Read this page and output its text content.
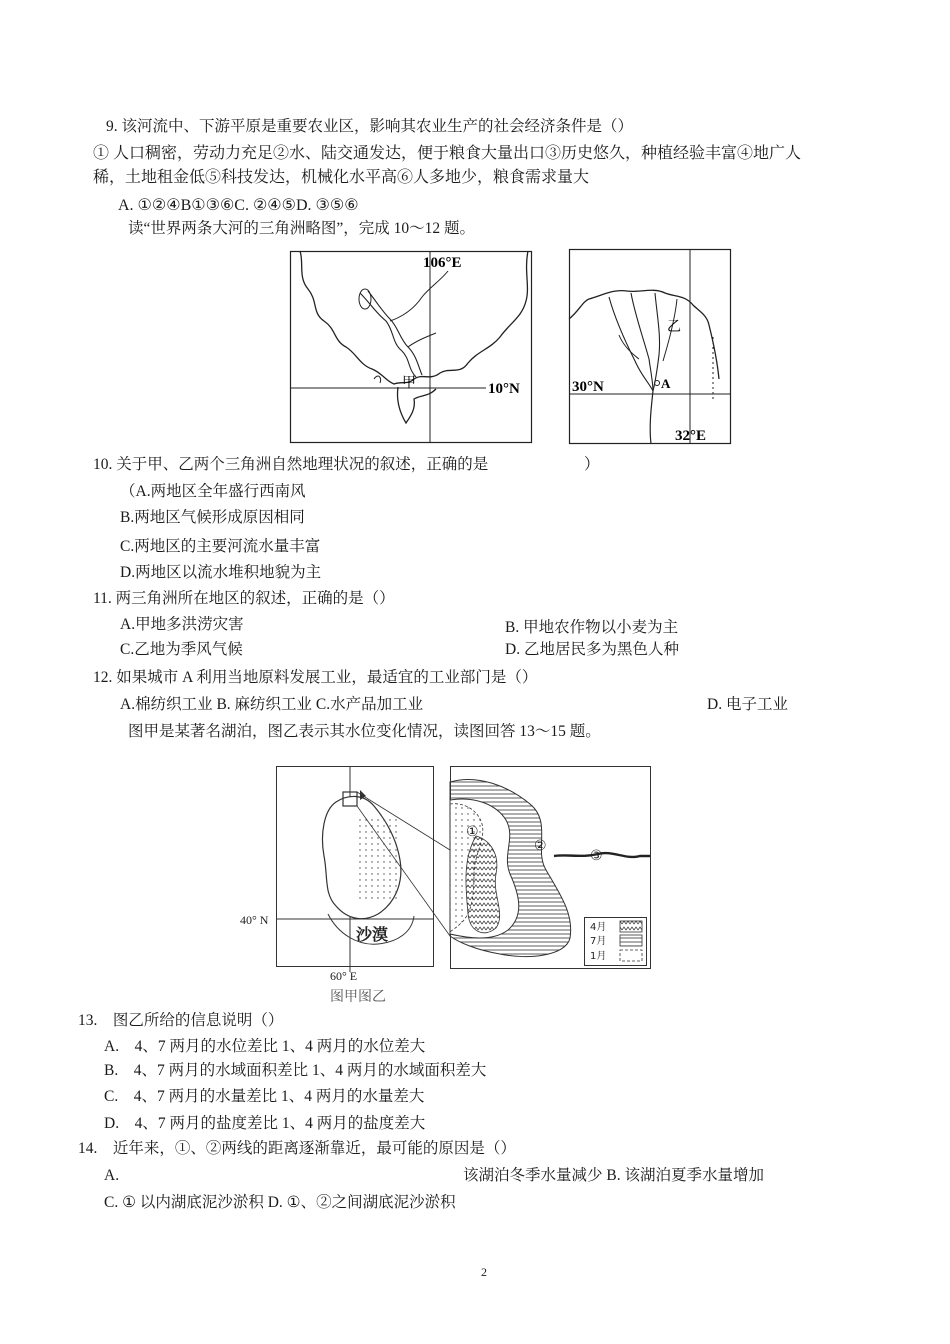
9. 该河流中、下游平原是重要农业区，影响其农业生产的社会经济条件是（）
① 人口稠密，劳动力充足②水、陆交通发达，便于粮食大量出口③历史悠久，种植经验丰富④地广人
稀，土地租金低⑤科技发达，机械化水平高⑥人多地少，粮食需求量大
A. ①②④B①③⑥C. ②④⑤D. ③⑤⑥
读“世界两条大河的三角洲略图”，完成 10～12 题。
106°E
10°N
甲
乙
A
30°N
32°E
10. 关于甲、乙两个三角洲自然地理状况的叙述，正确的是	）
（A.两地区全年盛行西南风
B.两地区气候形成原因相同
C.两地区的主要河流水量丰富
D.两地区以流水堆积地貌为主
11. 两三角洲所在地区的叙述，正确的是（）
A.甲地多洪涝灾害	B. 甲地农作物以小麦为主
C.乙地为季风气候	D. 乙地居民多为黑色人种
12. 如果城市 A 利用当地原料发展工业，最适宜的工业部门是（）
A.棉纺织工业 B. 麻纺织工业 C.水产品加工业	D. 电子工业
图甲是某著名湖泊，图乙表示其水位变化情况，读图回答 13～15 题。
40° N
60° E
沙漠
①
②
③
4月
7月
1月
图甲图乙
13.    图乙所给的信息说明（）
A.    4、7 两月的水位差比 1、4 两月的水位差大
B.    4、7 两月的水域面积差比 1、4 两月的水域面积差大
C.    4、7 两月的水量差比 1、4 两月的水量差大
D.    4、7 两月的盐度差比 1、4 两月的盐度差大
14.    近年来，①、②两线的距离逐渐靠近，最可能的原因是（）
A.	该湖泊冬季水量减少 B. 该湖泊夏季水量增加
C. ① 以内湖底泥沙淤积 D. ①、②之间湖底泥沙淤积
2
